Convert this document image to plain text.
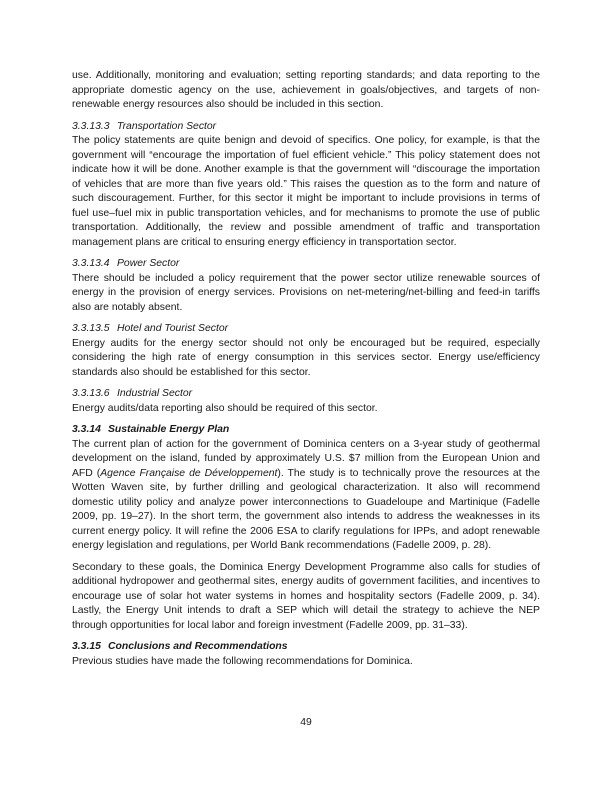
use. Additionally, monitoring and evaluation; setting reporting standards; and data reporting to the appropriate domestic agency on the use, achievement in goals/objectives, and targets of non-renewable energy resources also should be included in this section.

3.3.13.3 Transportation Sector

The policy statements are quite benign and devoid of specifics. One policy, for example, is that the government will “encourage the importation of fuel efficient vehicle.” This policy statement does not indicate how it will be done. Another example is that the government will “discourage the importation of vehicles that are more than five years old.” This raises the question as to the form and nature of such discouragement. Further, for this sector it might be important to include provisions in terms of fuel use–fuel mix in public transportation vehicles, and for mechanisms to promote the use of public transportation. Additionally, the review and possible amendment of traffic and transportation management plans are critical to ensuring energy efficiency in transportation sector.

3.3.13.4 Power Sector

There should be included a policy requirement that the power sector utilize renewable sources of energy in the provision of energy services. Provisions on net-metering/net-billing and feed-in tariffs also are notably absent.

3.3.13.5 Hotel and Tourist Sector

Energy audits for the energy sector should not only be encouraged but be required, especially considering the high rate of energy consumption in this services sector. Energy use/efficiency standards also should be established for this sector.

3.3.13.6 Industrial Sector

Energy audits/data reporting also should be required of this sector.

3.3.14 Sustainable Energy Plan

The current plan of action for the government of Dominica centers on a 3-year study of geothermal development on the island, funded by approximately U.S. $7 million from the European Union and AFD (Agence Française de Développement). The study is to technically prove the resources at the Wotten Waven site, by further drilling and geological characterization. It also will recommend domestic utility policy and analyze power interconnections to Guadeloupe and Martinique (Fadelle 2009, pp. 19–27). In the short term, the government also intends to address the weaknesses in its current energy policy. It will refine the 2006 ESA to clarify regulations for IPPs, and adopt renewable energy legislation and regulations, per World Bank recommendations (Fadelle 2009, p. 28).

Secondary to these goals, the Dominica Energy Development Programme also calls for studies of additional hydropower and geothermal sites, energy audits of government facilities, and incentives to encourage use of solar hot water systems in homes and hospitality sectors (Fadelle 2009, p. 34). Lastly, the Energy Unit intends to draft a SEP which will detail the strategy to achieve the NEP through opportunities for local labor and foreign investment (Fadelle 2009, pp. 31–33).

3.3.15 Conclusions and Recommendations

Previous studies have made the following recommendations for Dominica.

49
